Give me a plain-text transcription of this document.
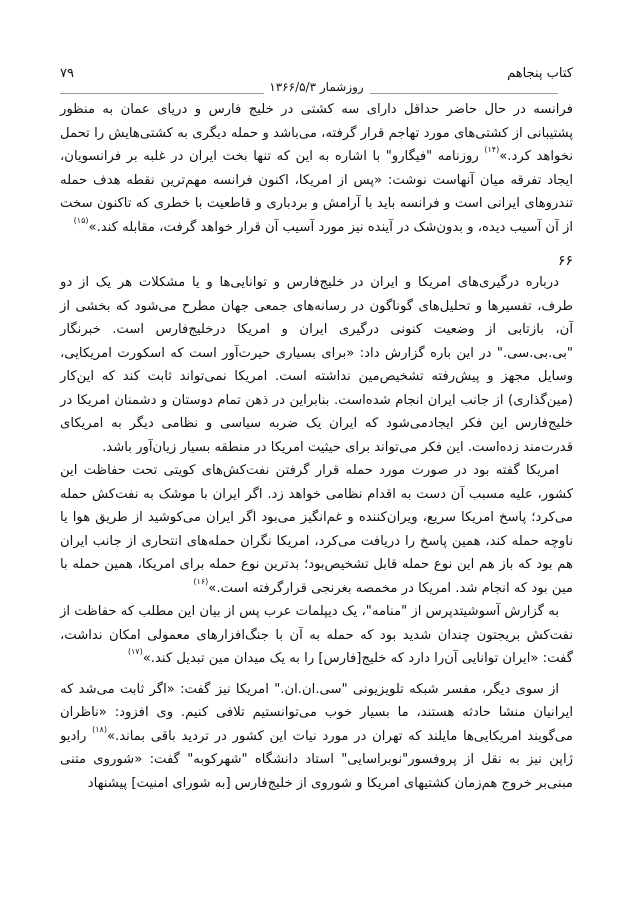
کتاب پنجاهم
۷۹
روزشمار ۱۳۶۶/۵/۳

فرانسه در حال حاضر حداقل دارای سه کشتی در خلیج فارس و دریای عمان به منظور پشتیبانی از کشتی‌های مورد تهاجم قرار گرفته، می‌باشد و حمله دیگری به کشتی‌هایش را تحمل نخواهد کرد.»$^{(۱۴)}$ روزنامه "فیگارو" با اشاره به این که تنها بخت ایران در غلبه بر فرانسویان، ایجاد تفرقه میان آنهاست نوشت: «پس از امریکا، اکنون فرانسه مهم‌ترین نقطه هدف حمله تندروهای ایرانی است و فرانسه باید با آرامش و بردباری و قاطعیت با خطری که تاکنون سخت از آن آسیب دیده، و بدون‌شک در آینده نیز مورد آسیب آن قرار خواهد گرفت، مقابله کند.»$^{(۱۵)}$

۶۶

درباره درگیری‌های امریکا و ایران در خلیج‌فارس و توانایی‌ها و یا مشکلات هر یک از دو طرف، تفسیرها و تحلیل‌های گوناگون در رسانه‌های جمعی جهان مطرح می‌شود که بخشی از آن، بازتابی از وضعیت کنونی درگیری ایران و امریکا درخلیج‌فارس است. خبرنگار "بی.بی.سی." در این باره گزارش داد: «برای بسیاری حیرت‌آور است که اسکورت امریکایی، وسایل مجهز و پیش‌رفته تشخیص‌مین نداشته است. امریکا نمی‌تواند ثابت کند که این‌کار (مین‌گذاری) از جانب ایران انجام شده‌است. بنابراین در ذهن تمام دوستان و دشمنان امریکا در خلیج‌فارس این فکر ایجادمی‌شود که ایران یک ضربه سیاسی و نظامی دیگر به امریکای قدرت‌مند زده‌است. این فکر می‌تواند برای حیثیت امریکا در منطقه بسیار زیان‌آور باشد.

امریکا گفته بود در صورت مورد حمله قرار گرفتن نفت‌کش‌های کویتی تحت حفاظت این کشور، علیه مسبب آن دست به اقدام نظامی خواهد زد. اگر ایران با موشک به نفت‌کش حمله می‌کرد؛ پاسخ امریکا سریع، ویران‌کننده و غم‌انگیز می‌بود اگر ایران می‌کوشید از طریق هوا یا ناوچه حمله کند، همین پاسخ را دریافت می‌کرد، امریکا نگران حمله‌های انتحاری از جانب ایران هم بود که باز هم این نوع حمله قابل تشخیص‌بود؛ بدترین نوع حمله برای امریکا، همین حمله با مین بود که انجام شد. امریکا در مخمصه بغرنجی قرارگرفته است.»$^{(۱۶)}$

به گزارش آسوشیتدپرس از "منامه"، یک دیپلمات عرب پس از بیان این مطلب که حفاظت از نفت‌کش بریجتون چندان شدید بود که حمله به آن با جنگ‌افزارهای معمولی امکان نداشت، گفت: «ایران توانایی آن‌را دارد که خلیج[فارس] را به یک میدان مین تبدیل کند.»$^{(۱۷)}$

از سوی دیگر، مفسر شبکه تلویزیونی "سی.ان.ان." امریکا نیز گفت: «اگر ثابت می‌شد که ایرانیان منشا حادثه هستند، ما بسیار خوب می‌توانستیم تلافی کنیم. وی افزود: «ناظران می‌گویند امریکایی‌ها مایلند که تهران در مورد نیات این کشور در تردید باقی بماند.»$^{(۱۸)}$ رادیو ژاپن نیز به نقل از پروفسور"نوبراسایی" استاد دانشگاه "شهرکوبه" گفت: «شوروی متنی مبنی‌بر خروج هم‌زمان کشتیهای امریکا و شوروی از خلیج‌فارس [به شورای امنیت] پیشنهاد
